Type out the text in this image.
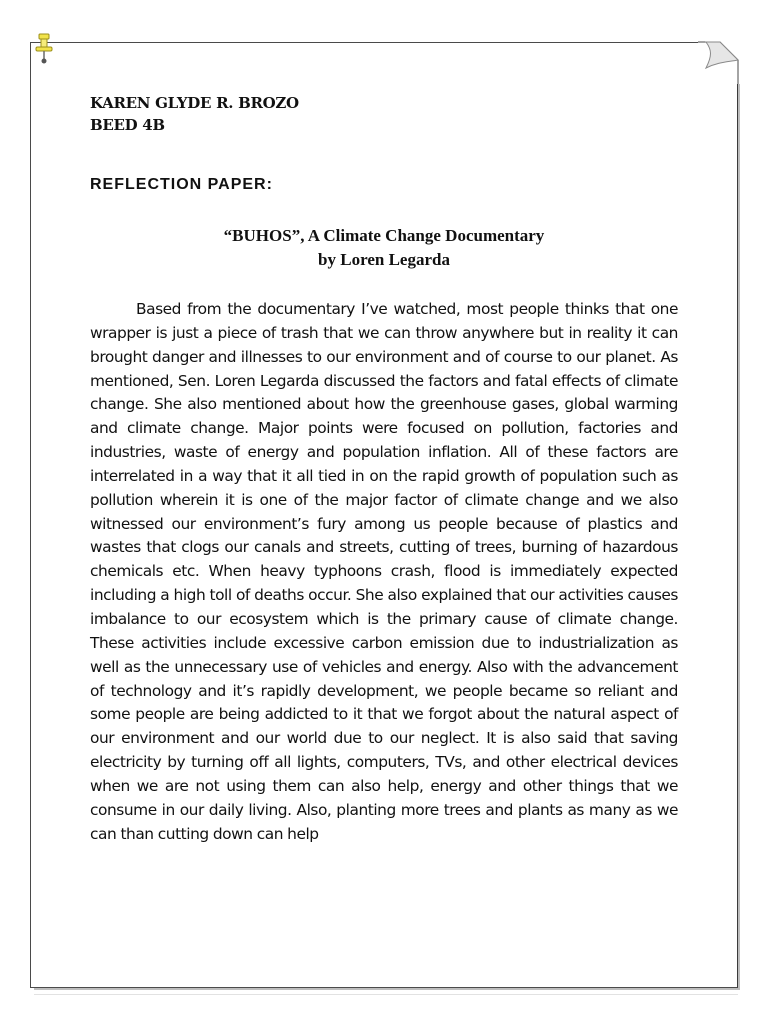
KAREN GLYDE R. BROZO
BEED 4B
REFLECTION PAPER:
“BUHOS”, A Climate Change Documentary
by Loren Legarda
Based from the documentary I’ve watched, most people thinks that one wrapper is just a piece of trash that we can throw anywhere but in reality it can brought danger and illnesses to our environment and of course to our planet. As mentioned, Sen. Loren Legarda discussed the factors and fatal effects of climate change. She also mentioned about how the greenhouse gases, global warming and climate change. Major points were focused on pollution, factories and industries, waste of energy and population inflation. All of these factors are interrelated in a way that it all tied in on the rapid growth of population such as pollution wherein it is one of the major factor of climate change and we also witnessed our environment’s fury among us people because of plastics and wastes that clogs our canals and streets, cutting of trees, burning of hazardous chemicals etc. When heavy typhoons crash, flood is immediately expected including a high toll of deaths occur. She also explained that our activities causes imbalance to our ecosystem which is the primary cause of climate change. These activities include excessive carbon emission due to industrialization as well as the unnecessary use of vehicles and energy. Also with the advancement of technology and it’s rapidly development, we people became so reliant and some people are being addicted to it that we forgot about the natural aspect of our environment and our world due to our neglect. It is also said that saving electricity by turning off all lights, computers, TVs, and other electrical devices when we are not using them can also help, energy and other things that we consume in our daily living. Also, planting more trees and plants as many as we can than cutting down can help
